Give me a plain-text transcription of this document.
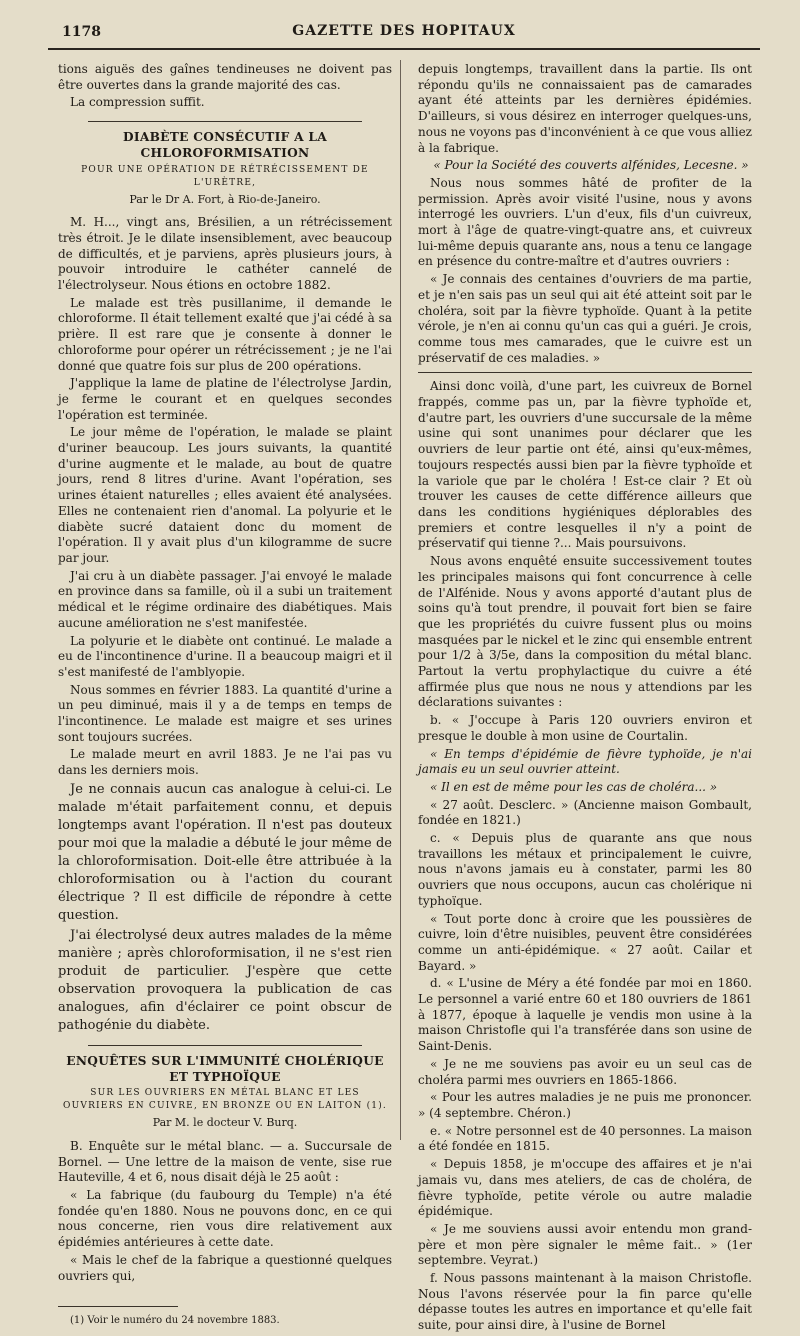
1178	GAZETTE DES HOPITAUX

tions aiguës des gaînes tendineuses ne doivent pas être ouvertes dans la grande majorité des cas.

La compression suffit.

DIABÈTE CONSÉCUTIF A LA CHLOROFORMISATION
POUR UNE OPÉRATION DE RÉTRÉCISSEMENT DE L'URÈTRE,
Par le Dr A. Fort, à Rio-de-Janeiro.

M. H..., vingt ans, Brésilien, a un rétrécissement très étroit. Je le dilate insensiblement, avec beaucoup de difficultés, et je parviens, après plusieurs jours, à pouvoir introduire le cathéter cannelé de l'électrolyseur. Nous étions en octobre 1882.

Le malade est très pusillanime, il demande le chloroforme. Il était tellement exalté que j'ai cédé à sa prière. Il est rare que je consente à donner le chloroforme pour opérer un rétrécissement ; je ne l'ai donné que quatre fois sur plus de 200 opérations.

J'applique la lame de platine de l'électrolyse Jardin, je ferme le courant et en quelques secondes l'opération est terminée.

Le jour même de l'opération, le malade se plaint d'uriner beaucoup. Les jours suivants, la quantité d'urine augmente et le malade, au bout de quatre jours, rend 8 litres d'urine. Avant l'opération, ses urines étaient naturelles ; elles avaient été analysées. Elles ne contenaient rien d'anomal. La polyurie et le diabète sucré dataient donc du moment de l'opération. Il y avait plus d'un kilogramme de sucre par jour.

J'ai cru à un diabète passager. J'ai envoyé le malade en province dans sa famille, où il a subi un traitement médical et le régime ordinaire des diabétiques. Mais aucune amélioration ne s'est manifestée.

La polyurie et le diabète ont continué. Le malade a eu de l'incontinence d'urine. Il a beaucoup maigri et il s'est manifesté de l'amblyopie.

Nous sommes en février 1883. La quantité d'urine a un peu diminué, mais il y a de temps en temps de l'incontinence. Le malade est maigre et ses urines sont toujours sucrées.

Le malade meurt en avril 1883. Je ne l'ai pas vu dans les derniers mois.

Je ne connais aucun cas analogue à celui-ci. Le malade m'était parfaitement connu, et depuis longtemps avant l'opération. Il n'est pas douteux pour moi que la maladie a débuté le jour même de la chloroformisation. Doit-elle être attribuée à la chloroformisation ou à l'action du courant électrique ? Il est difficile de répondre à cette question.

J'ai électrolysé deux autres malades de la même manière ; après chloroformisation, il ne s'est rien produit de particulier. J'espère que cette observation provoquera la publication de cas analogues, afin d'éclairer ce point obscur de pathogénie du diabète.

ENQUÊTES SUR L'IMMUNITÉ CHOLÉRIQUE ET TYPHOÏQUE
SUR LES OUVRIERS EN MÉTAL BLANC ET LES OUVRIERS EN CUIVRE, EN BRONZE OU EN LAITON (1).
Par M. le docteur V. Burq.

B. Enquête sur le métal blanc. — a. Succursale de Bornel. — Une lettre de la maison de vente, sise rue Hauteville, 4 et 6, nous disait déjà le 25 août :

« La fabrique (du faubourg du Temple) n'a été fondée qu'en 1880. Nous ne pouvons donc, en ce qui nous concerne, rien vous dire relativement aux épidémies antérieures à cette date.

« Mais le chef de la fabrique a questionné quelques ouvriers qui,

(1) Voir le numéro du 24 novembre 1883.

depuis longtemps, travaillent dans la partie. Ils ont répondu qu'ils ne connaissaient pas de camarades ayant été atteints par les dernières épidémies. D'ailleurs, si vous désirez en interroger quelques-uns, nous ne voyons pas d'inconvénient à ce que vous alliez à la fabrique.

« Pour la Société des couverts alfénides, Lecesne. »

Nous nous sommes hâté de profiter de la permission. Après avoir visité l'usine, nous y avons interrogé les ouvriers. L'un d'eux, fils d'un cuivreux, mort à l'âge de quatre-vingt-quatre ans, et cuivreux lui-même depuis quarante ans, nous a tenu ce langage en présence du contre-maître et d'autres ouvriers :

« Je connais des centaines d'ouvriers de ma partie, et je n'en sais pas un seul qui ait été atteint soit par le choléra, soit par la fièvre typhoïde. Quant à la petite vérole, je n'en ai connu qu'un cas qui a guéri. Je crois, comme tous mes camarades, que le cuivre est un préservatif de ces maladies. »

Ainsi donc voilà, d'une part, les cuivreux de Bornel frappés, comme pas un, par la fièvre typhoïde et, d'autre part, les ouvriers d'une succursale de la même usine qui sont unanimes pour déclarer que les ouvriers de leur partie ont été, ainsi qu'eux-mêmes, toujours respectés aussi bien par la fièvre typhoïde et la variole que par le choléra ! Est-ce clair ? Et où trouver les causes de cette différence ailleurs que dans les conditions hygiéniques déplorables des premiers et contre lesquelles il n'y a point de préservatif qui tienne ?... Mais poursuivons.

Nous avons enquêté ensuite successivement toutes les principales maisons qui font concurrence à celle de l'Alfénide. Nous y avons apporté d'autant plus de soins qu'à tout prendre, il pouvait fort bien se faire que les propriétés du cuivre fussent plus ou moins masquées par le nickel et le zinc qui ensemble entrent pour 1/2 à 3/5e, dans la composition du métal blanc. Partout la vertu prophylactique du cuivre a été affirmée plus que nous ne nous y attendions par les déclarations suivantes :

b. « J'occupe à Paris 120 ouvriers environ et presque le double à mon usine de Courtalin.

« En temps d'épidémie de fièvre typhoïde, je n'ai jamais eu un seul ouvrier atteint.

« Il en est de même pour les cas de choléra... »

« 27 août. Desclerc. » (Ancienne maison Gombault, fondée en 1821.)

c. « Depuis plus de quarante ans que nous travaillons les métaux et principalement le cuivre, nous n'avons jamais eu à constater, parmi les 80 ouvriers que nous occupons, aucun cas cholérique ni typhoïque.

« Tout porte donc à croire que les poussières de cuivre, loin d'être nuisibles, peuvent être considérées comme un anti-épidémique. « 27 août. Cailar et Bayard. »

d. « L'usine de Méry a été fondée par moi en 1860. Le personnel a varié entre 60 et 180 ouvriers de 1861 à 1877, époque à laquelle je vendis mon usine à la maison Christofle qui l'a transférée dans son usine de Saint-Denis.

« Je ne me souviens pas avoir eu un seul cas de choléra parmi mes ouvriers en 1865-1866.

« Pour les autres maladies je ne puis me prononcer. » (4 septembre. Chéron.)

e. « Notre personnel est de 40 personnes. La maison a été fondée en 1815.

« Depuis 1858, je m'occupe des affaires et je n'ai jamais vu, dans mes ateliers, de cas de choléra, de fièvre typhoïde, petite vérole ou autre maladie épidémique.

« Je me souviens aussi avoir entendu mon grand-père et mon père signaler le même fait.. » (1er septembre. Veyrat.)

f. Nous passons maintenant à la maison Christofle. Nous l'avons réservée pour la fin parce qu'elle dépasse toutes les autres en importance et qu'elle fait suite, pour ainsi dire, à l'usine de Bornel
